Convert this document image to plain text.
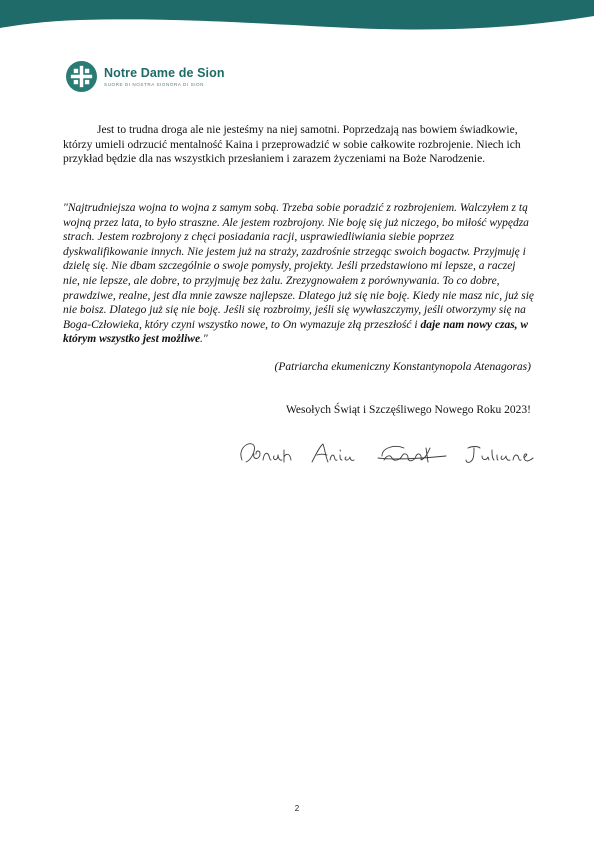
Notre Dame de Sion
SUORE DI NOSTRA SIGNORA DI SION

Jest to trudna droga ale nie jesteśmy na niej samotni. Poprzedzają nas bowiem świadkowie, którzy umieli odrzucić mentalność Kaina i przeprowadzić w sobie całkowite rozbrojenie. Niech ich przykład będzie dla nas wszystkich przesłaniem i zarazem życzeniami na Boże Narodzenie.

"Najtrudniejsza wojna to wojna z samym sobą. Trzeba sobie poradzić z rozbrojeniem. Walczyłem z tą wojną przez lata, to było straszne. Ale jestem rozbrojony. Nie boję się już niczego, bo miłość wypędza strach. Jestem rozbrojony z chęci posiadania racji, usprawiedliwiania siebie poprzez dyskwalifikowanie innych. Nie jestem już na straży, zazdrośnie strzegąc swoich bogactw. Przyjmuję i dzielę się. Nie dbam szczególnie o swoje pomysły, projekty. Jeśli przedstawiono mi lepsze, a raczej nie, nie lepsze, ale dobre, to przyjmuję bez żalu. Zrezygnowałem z porównywania. To co dobre, prawdziwe, realne, jest dla mnie zawsze najlepsze. Dlatego już się nie boję. Kiedy nie masz nic, już się nie boisz. Dlatego już się nie boję. Jeśli się rozbroimy, jeśli się wywłaszczymy, jeśli otworzymy się na Boga-Człowieka, który czyni wszystko nowe, to On wymazuje złą przeszłość i daje nam nowy czas, w którym wszystko jest możliwe."

(Patriarcha ekumeniczny Konstantynopola Atenagoras)
Wesołych Świąt i Szczęśliwego Nowego Roku 2023!
2
